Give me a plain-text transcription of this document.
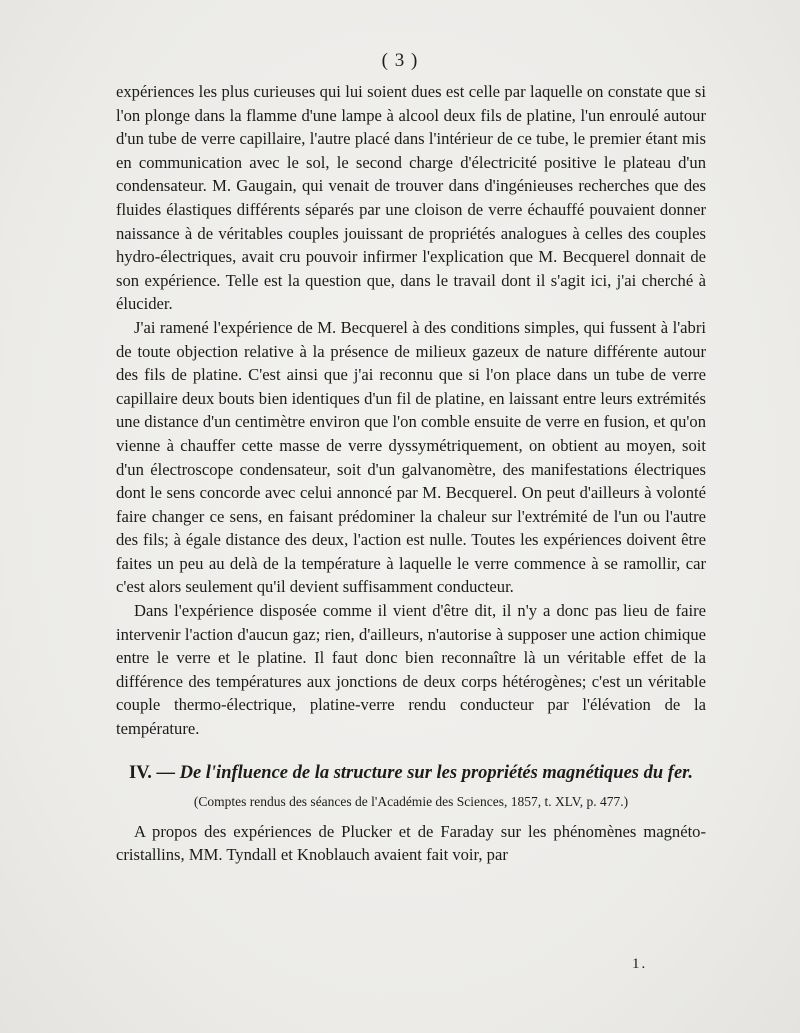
( 3 )

expériences les plus curieuses qui lui soient dues est celle par laquelle on constate que si l'on plonge dans la flamme d'une lampe à alcool deux fils de platine, l'un enroulé autour d'un tube de verre capillaire, l'autre placé dans l'intérieur de ce tube, le premier étant mis en communication avec le sol, le second charge d'électricité positive le plateau d'un condensateur. M. Gaugain, qui venait de trouver dans d'ingénieuses recherches que des fluides élastiques différents séparés par une cloison de verre échauffé pouvaient donner naissance à de véritables couples jouissant de propriétés analogues à celles des couples hydro-électriques, avait cru pouvoir infirmer l'explication que M. Becquerel donnait de son expérience. Telle est la question que, dans le travail dont il s'agit ici, j'ai cherché à élucider.

J'ai ramené l'expérience de M. Becquerel à des conditions simples, qui fussent à l'abri de toute objection relative à la présence de milieux gazeux de nature différente autour des fils de platine. C'est ainsi que j'ai reconnu que si l'on place dans un tube de verre capillaire deux bouts bien identiques d'un fil de platine, en laissant entre leurs extrémités une distance d'un centimètre environ que l'on comble ensuite de verre en fusion, et qu'on vienne à chauffer cette masse de verre dyssymétriquement, on obtient au moyen, soit d'un électroscope condensateur, soit d'un galvanomètre, des manifestations électriques dont le sens concorde avec celui annoncé par M. Becquerel. On peut d'ailleurs à volonté faire changer ce sens, en faisant prédominer la chaleur sur l'extrémité de l'un ou l'autre des fils; à égale distance des deux, l'action est nulle. Toutes les expériences doivent être faites un peu au delà de la température à laquelle le verre commence à se ramollir, car c'est alors seulement qu'il devient suffisamment conducteur.

Dans l'expérience disposée comme il vient d'être dit, il n'y a donc pas lieu de faire intervenir l'action d'aucun gaz; rien, d'ailleurs, n'autorise à supposer une action chimique entre le verre et le platine. Il faut donc bien reconnaître là un véritable effet de la différence des températures aux jonctions de deux corps hétérogènes; c'est un véritable couple thermo-électrique, platine-verre rendu conducteur par l'élévation de la température.

IV. — De l'influence de la structure sur les propriétés magnétiques du fer.
(Comptes rendus des séances de l'Académie des Sciences, 1857, t. XLV, p. 477.)

A propos des expériences de Plucker et de Faraday sur les phénomènes magnéto-cristallins, MM. Tyndall et Knoblauch avaient fait voir, par

1.
